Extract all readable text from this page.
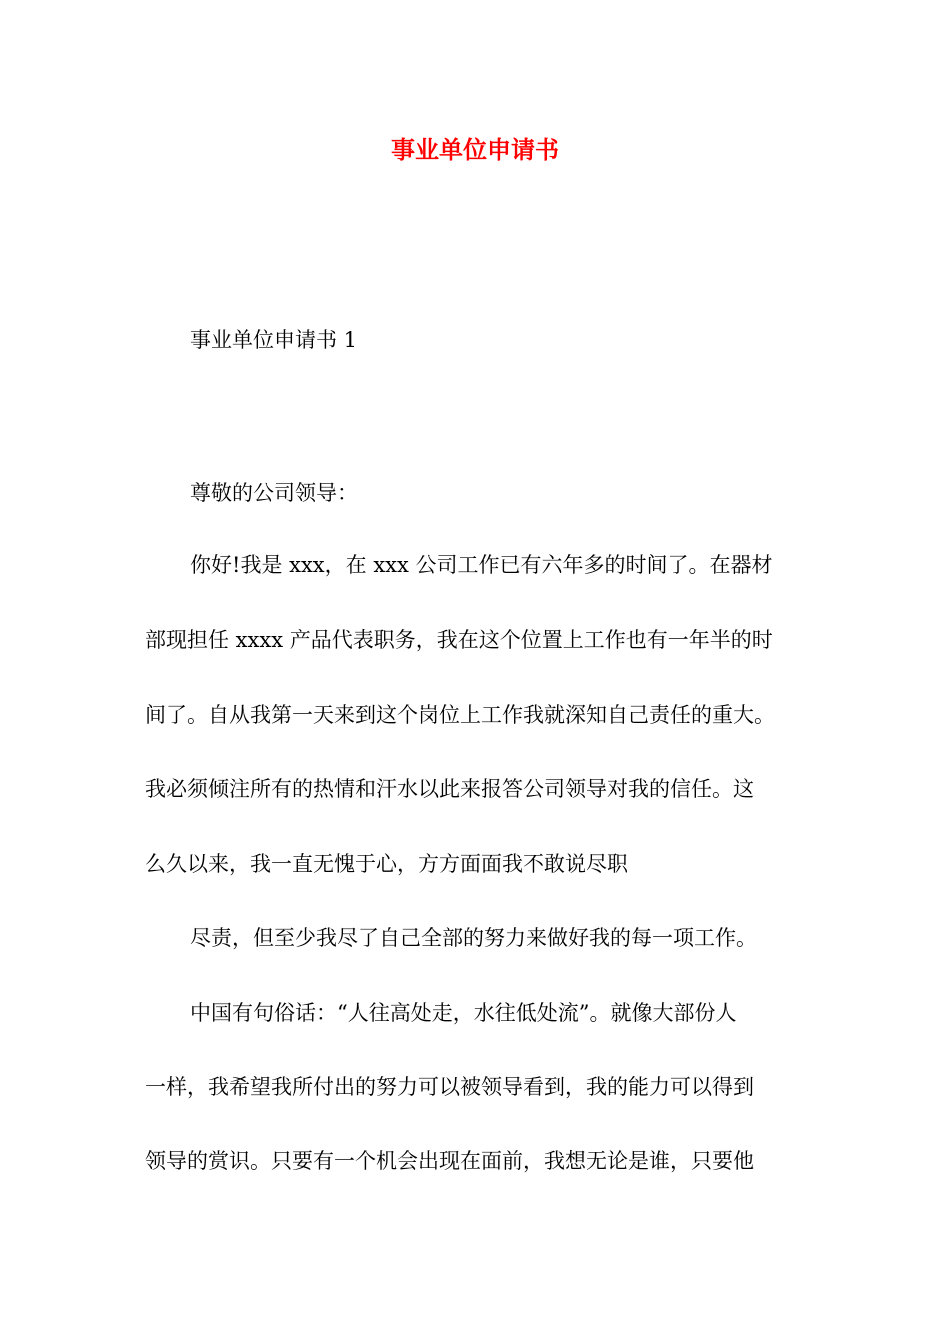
事业单位申请书
事业单位申请书 1
尊敬的公司领导：
你好!我是 xxx，在 xxx 公司工作已有六年多的时间了。在器材
部现担任 xxxx 产品代表职务，我在这个位置上工作也有一年半的时
间了。自从我第一天来到这个岗位上工作我就深知自己责任的重大。
我必须倾注所有的热情和汗水以此来报答公司领导对我的信任。这
么久以来，我一直无愧于心，方方面面我不敢说尽职
尽责，但至少我尽了自己全部的努力来做好我的每一项工作。
中国有句俗话：“人往高处走，水往低处流”。就像大部份人
一样，我希望我所付出的努力可以被领导看到，我的能力可以得到
领导的赏识。只要有一个机会出现在面前，我想无论是谁，只要他
